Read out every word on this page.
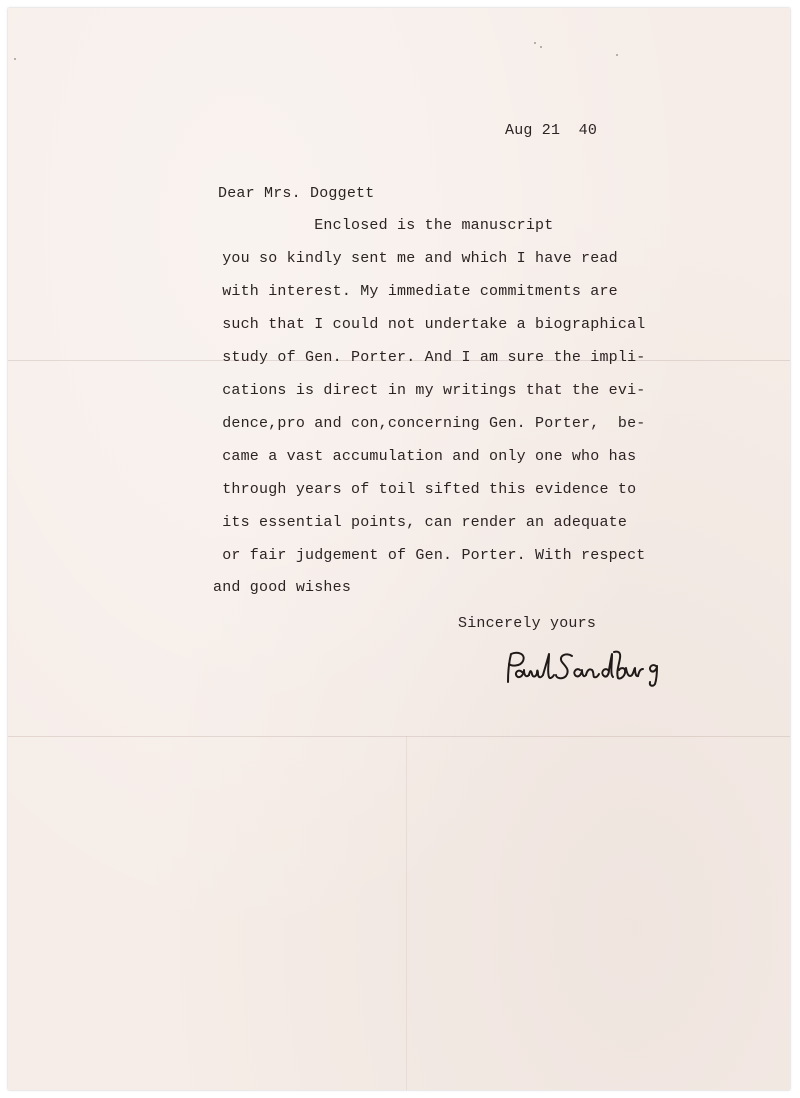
Aug 21  40
Dear Mrs. Doggett

Enclosed is the manuscript

you so kindly sent me and which I have read

with interest. My immediate commitments are

such that I could not undertake a biographical

study of Gen. Porter. And I am sure the impli-

cations is direct in my writings that the evi-

dence,pro and con,concerning Gen. Porter,  be-

came a vast accumulation and only one who has

through years of toil sifted this evidence to

its essential points, can render an adequate

or fair judgement of Gen. Porter. With respect

and good wishes

Sincerely yours
